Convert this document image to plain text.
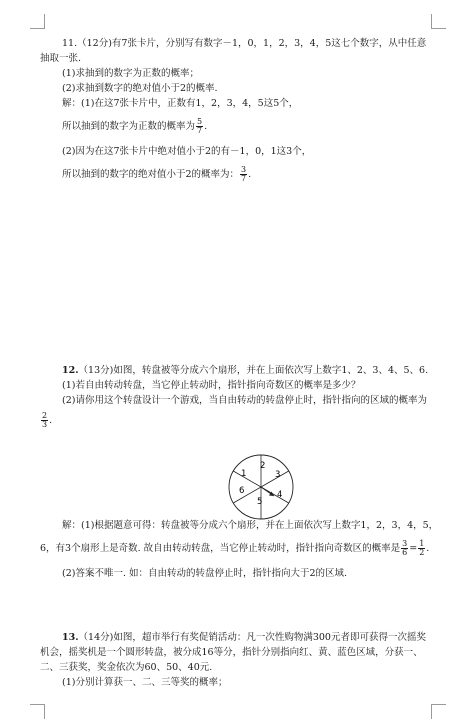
11.（12分)有7张卡片，分别写有数字－1，0，1，2，3，4，5这七个数字，从中任意
抽取一张.
(1)求抽到的数字为正数的概率；
(2)求抽到数字的绝对值小于2的概率.
解：(1)在这7张卡片中，正数有1，2，3，4，5这5个，
所以抽到的数字为正数的概率为 $\frac{5}{7}$ .
(2)因为在这7张卡片中绝对值小于2的有－1，0，1这3个，
所以抽到的数字的绝对值小于2的概率为： $\frac{3}{7}$ .
12.（13分)如图，转盘被等分成六个扇形，并在上面依次写上数字1、2、3、4、5、6.
(1)若自由转动转盘，当它停止转动时，指针指向奇数区的概率是多少？
(2)请你用这个转盘设计一个游戏，当自由转动的转盘停止时，指针指向的区域的概率为
$\frac{2}{3}$ .
1
2
3
4
5
6
解：(1)根据题意可得：转盘被等分成六个扇形，并在上面依次写上数字1，2，3，4，5，
6，有3个扇形上是奇数. 故自由转动转盘，当它停止转动时，指针指向奇数区的概率是 $\frac{3}{6} = \frac{1}{2}$ .
(2)答案不唯一. 如：自由转动的转盘停止时，指针指向大于2的区域.
13.（14分)如图，超市举行有奖促销活动：凡一次性购物满300元者即可获得一次摇奖
机会，摇奖机是一个圆形转盘，被分成16等分，指针分别指向红、黄、蓝色区域，分获一、
二、三获奖，奖金依次为60、50、40元.
(1)分别计算获一、二、三等奖的概率；
